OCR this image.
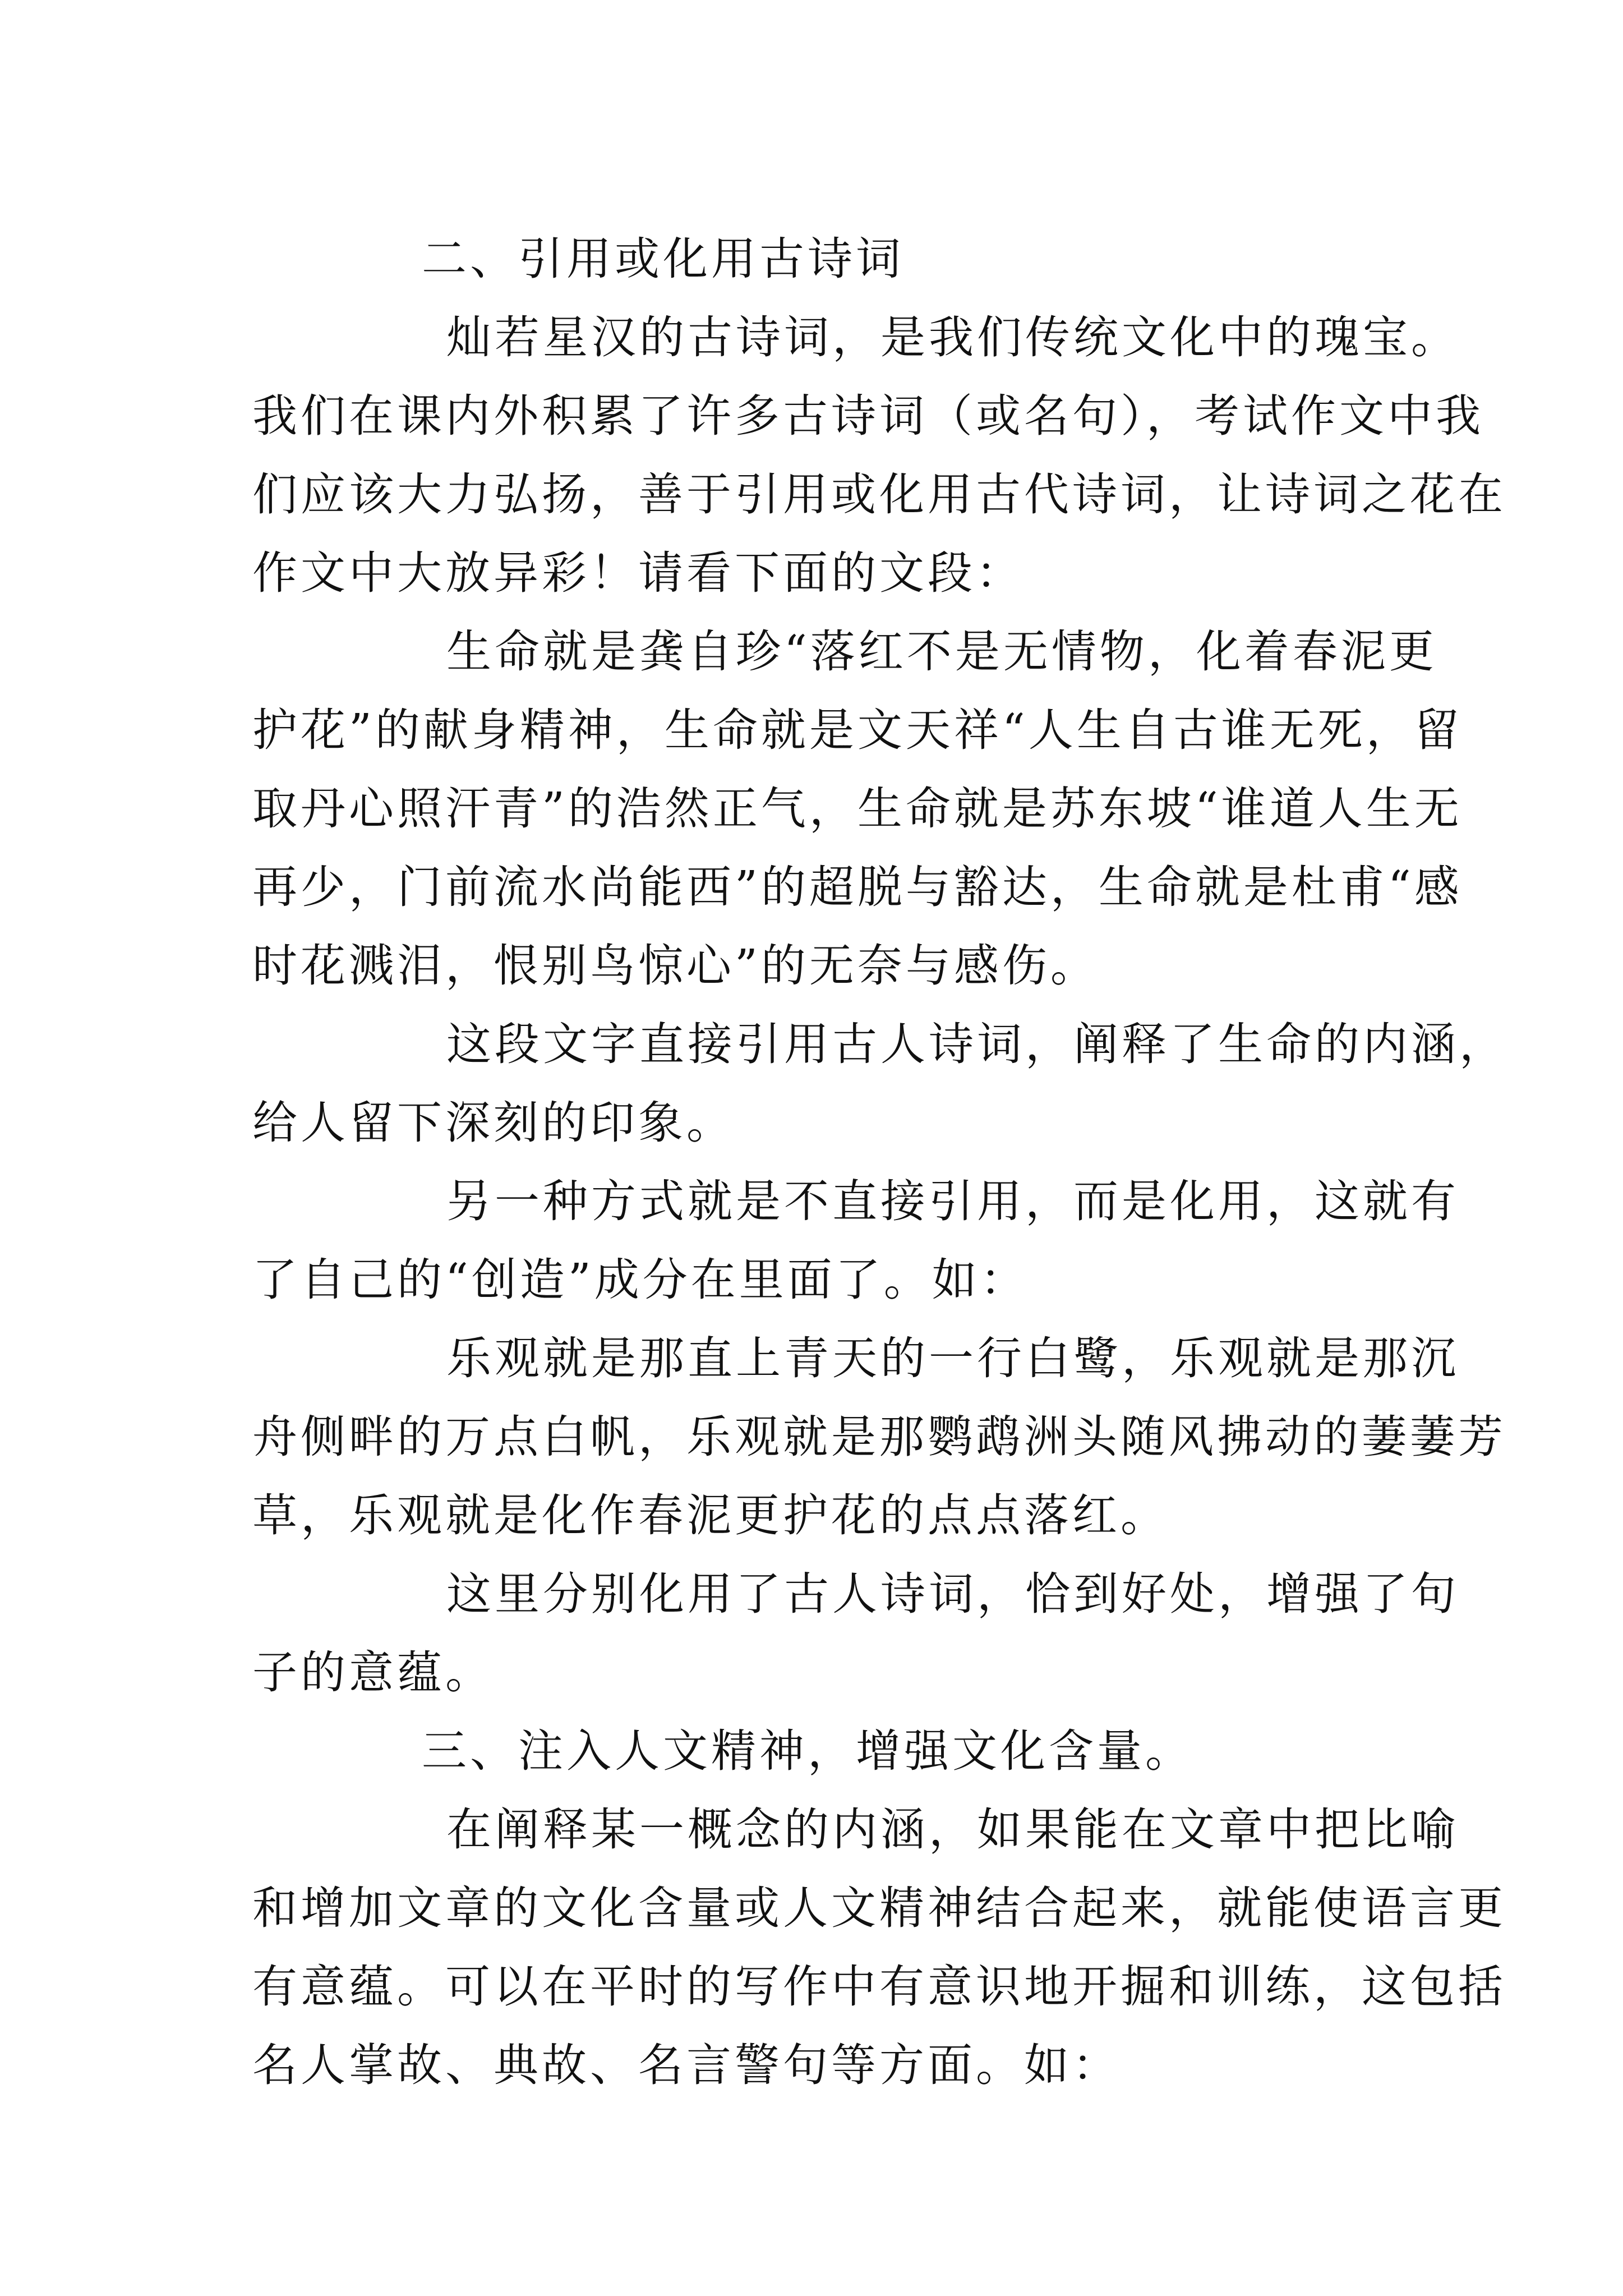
二、引用或化用古诗词

灿若星汉的古诗词，是我们传统文化中的瑰宝。

我们在课内外积累了许多古诗词（或名句），考试作文中我

们应该大力弘扬，善于引用或化用古代诗词，让诗词之花在

作文中大放异彩！请看下面的文段：

生命就是龚自珍“落红不是无情物，化着春泥更

护花”的献身精神，生命就是文天祥“人生自古谁无死，留

取丹心照汗青”的浩然正气，生命就是苏东坡“谁道人生无

再少，门前流水尚能西”的超脱与豁达，生命就是杜甫“感

时花溅泪，恨别鸟惊心”的无奈与感伤。

这段文字直接引用古人诗词，阐释了生命的内涵，

给人留下深刻的印象。

另一种方式就是不直接引用，而是化用，这就有

了自己的“创造”成分在里面了。如：

乐观就是那直上青天的一行白鹭，乐观就是那沉

舟侧畔的万点白帆，乐观就是那鹦鹉洲头随风拂动的萋萋芳

草，乐观就是化作春泥更护花的点点落红。

这里分别化用了古人诗词，恰到好处，增强了句

子的意蕴。

三、注入人文精神，增强文化含量。

在阐释某一概念的内涵，如果能在文章中把比喻

和增加文章的文化含量或人文精神结合起来，就能使语言更

有意蕴。可以在平时的写作中有意识地开掘和训练，这包括

名人掌故、典故、名言警句等方面。如：
